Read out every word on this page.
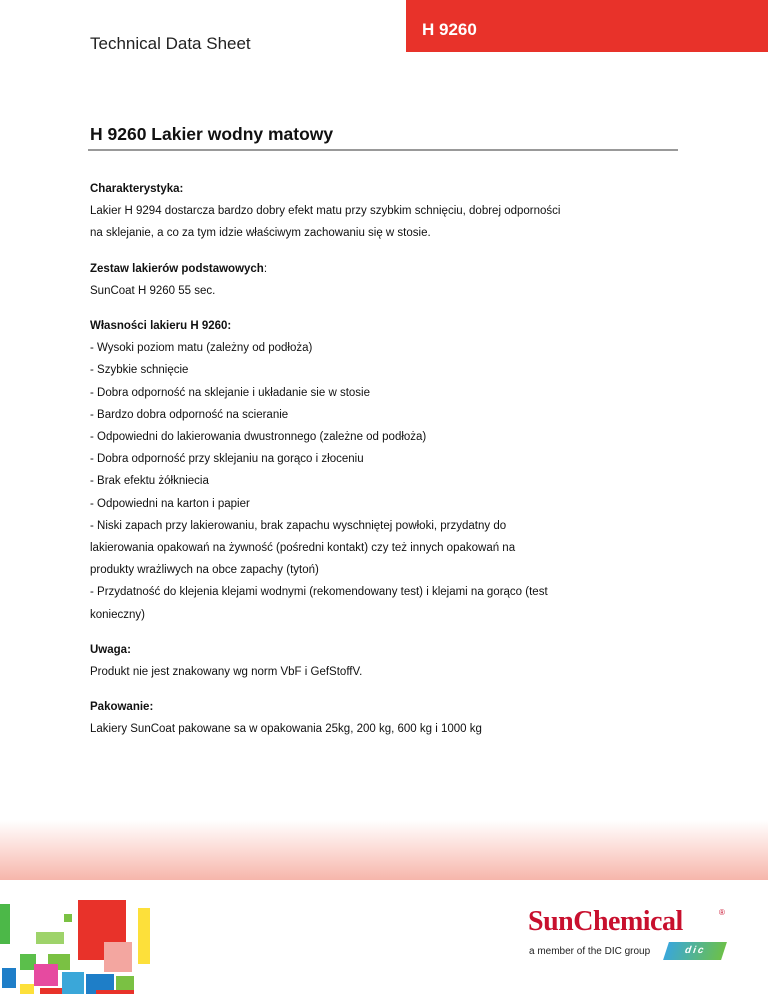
Technical Data Sheet
H 9260
H 9260 Lakier wodny matowy
Charakterystyka:
Lakier H 9294 dostarcza bardzo dobry efekt matu przy szybkim schnięciu, dobrej odporności
na sklejanie, a co za tym idzie właściwym zachowaniu się w stosie.
Zestaw lakierów podstawowych:
SunCoat H 9260 55 sec.
Własności lakieru H 9260:
- Wysoki poziom matu (zależny od podłoża)
- Szybkie schnięcie
- Dobra odporność na sklejanie i układanie sie w stosie
- Bardzo dobra odporność na scieranie
- Odpowiedni do lakierowania dwustronnego (zależne od podłoża)
- Dobra odporność przy sklejaniu na gorąco i złoceniu
- Brak efektu żółkniecia
- Odpowiedni na karton i papier
- Niski zapach przy lakierowaniu, brak zapachu wyschniętej powłoki, przydatny do
lakierowania opakowań na żywność (pośredni kontakt) czy też innych opakowań na
produkty wrażliwych na obce zapachy (tytoń)
- Przydatność do klejenia klejami wodnymi (rekomendowany test) i klejami na gorąco (test
konieczny)
Uwaga:
Produkt nie jest znakowany wg norm VbF i GefStoffV.
Pakowanie:
Lakiery SunCoat pakowane sa w opakowania 25kg, 200 kg, 600 kg i 1000 kg
SunChemical	®
a member of the DIC group	dic
